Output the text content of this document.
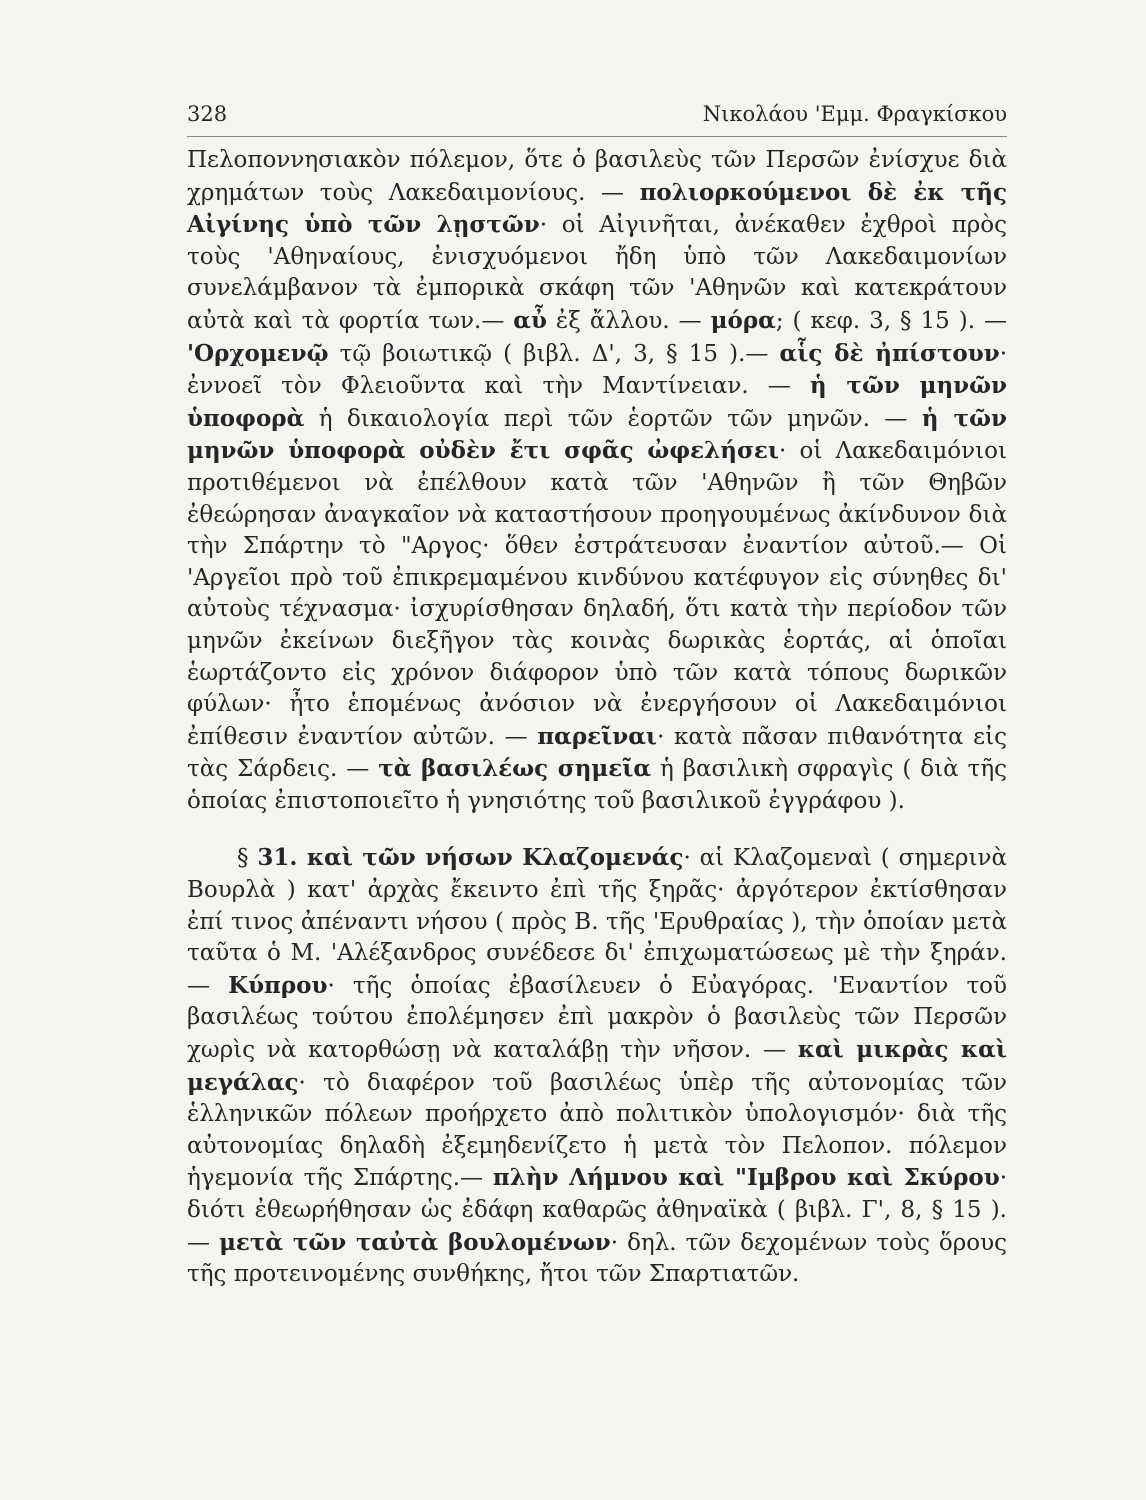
328	Νικολάου 'Εμμ. Φραγκίσκου

Πελοποννησιακὸν πόλεμον, ὅτε ὁ βασιλεὺς τῶν Περσῶν ἐνίσχυε διὰ χρημάτων τοὺς Λακεδαιμονίους. — πολιορκούμενοι δὲ ἐκ τῆς Αἰγίνης ὑπὸ τῶν λῃστῶν· οἱ Αἰγινῆται, ἀνέκαθεν ἐχθροὶ πρὸς τοὺς 'Αθηναίους, ἐνισχυόμενοι ἤδη ὑπὸ τῶν Λακεδαιμονίων συνελάμβανον τὰ ἐμπορικὰ σκάφη τῶν 'Αθηνῶν καὶ κατεκράτουν αὐτὰ καὶ τὰ φορτία των.— αὖ ἐξ ἄλλου. — μόρα; ( κεφ. 3, § 15 ). — 'Ορχομενῷ τῷ βοιωτικῷ ( βιβλ. Δ', 3, § 15 ).— αἷς δὲ ἠπίστουν· ἐννοεῖ τὸν Φλειοῦντα καὶ τὴν Μαντίνειαν. — ἡ τῶν μηνῶν ὑποφορὰ ἡ δικαιολογία περὶ τῶν ἑορτῶν τῶν μηνῶν. — ἡ τῶν μηνῶν ὑποφορὰ οὐδὲν ἔτι σφᾶς ὠφελήσει· οἱ Λακεδαιμόνιοι προτιθέμενοι νὰ ἐπέλθουν κατὰ τῶν 'Αθηνῶν ἢ τῶν Θηβῶν ἐθεώρησαν ἀναγκαῖον νὰ καταστήσουν προηγουμένως ἀκίνδυνον διὰ τὴν Σπάρτην τὸ "Αργος· ὅθεν ἐστράτευσαν ἐναντίον αὐτοῦ.— Οἱ 'Αργεῖοι πρὸ τοῦ ἐπικρεμαμένου κινδύνου κατέφυγον εἰς σύνηθες δι' αὐτοὺς τέχνασμα· ἰσχυρίσθησαν δηλαδή, ὅτι κατὰ τὴν περίοδον τῶν μηνῶν ἐκείνων διεξῆγον τὰς κοινὰς δωρικὰς ἑορτάς, αἱ ὁποῖαι ἑωρτάζοντο εἰς χρόνον διάφορον ὑπὸ τῶν κατὰ τόπους δωρικῶν φύλων· ἦτο ἑπομένως ἀνόσιον νὰ ἐνεργήσουν οἱ Λακεδαιμόνιοι ἐπίθεσιν ἐναντίον αὐτῶν. — παρεῖναι· κατὰ πᾶσαν πιθανότητα εἰς τὰς Σάρδεις. — τὰ βασιλέως σημεῖα ἡ βασιλικὴ σφραγὶς ( διὰ τῆς ὁποίας ἐπιστοποιεῖτο ἡ γνησιότης τοῦ βασιλικοῦ ἐγγράφου ).

§ 31. καὶ τῶν νήσων Κλαζομενάς· αἱ Κλαζομεναὶ ( σημερινὰ Βουρλὰ ) κατ' ἀρχὰς ἔκειντο ἐπὶ τῆς ξηρᾶς· ἀργότερον ἐκτίσθησαν ἐπί τινος ἀπέναντι νήσου ( πρὸς Β. τῆς 'Ερυθραίας ), τὴν ὁποίαν μετὰ ταῦτα ὁ Μ. 'Αλέξανδρος συνέδεσε δι' ἐπιχωματώσεως μὲ τὴν ξηράν.— Κύπρου· τῆς ὁποίας ἐβασίλευεν ὁ Εὐαγόρας. 'Εναντίον τοῦ βασιλέως τούτου ἐπολέμησεν ἐπὶ μακρὸν ὁ βασιλεὺς τῶν Περσῶν χωρὶς νὰ κατορθώσῃ νὰ καταλάβῃ τὴν νῆσον. — καὶ μικρὰς καὶ μεγάλας· τὸ διαφέρον τοῦ βασιλέως ὑπὲρ τῆς αὐτονομίας τῶν ἑλληνικῶν πόλεων προήρχετο ἀπὸ πολιτικὸν ὑπολογισμόν· διὰ τῆς αὐτονομίας δηλαδὴ ἐξεμηδενίζετο ἡ μετὰ τὸν Πελοπον. πόλεμον ἡγεμονία τῆς Σπάρτης.— πλὴν Λήμνου καὶ "Ιμβρου καὶ Σκύρου· διότι ἐθεωρήθησαν ὡς ἐδάφη καθαρῶς ἀθηναϊκὰ ( βιβλ. Γ', 8, § 15 ). — μετὰ τῶν ταὐτὰ βουλομένων· δηλ. τῶν δεχομένων τοὺς ὅρους τῆς προτεινομένης συνθήκης, ἤτοι τῶν Σπαρτιατῶν.
